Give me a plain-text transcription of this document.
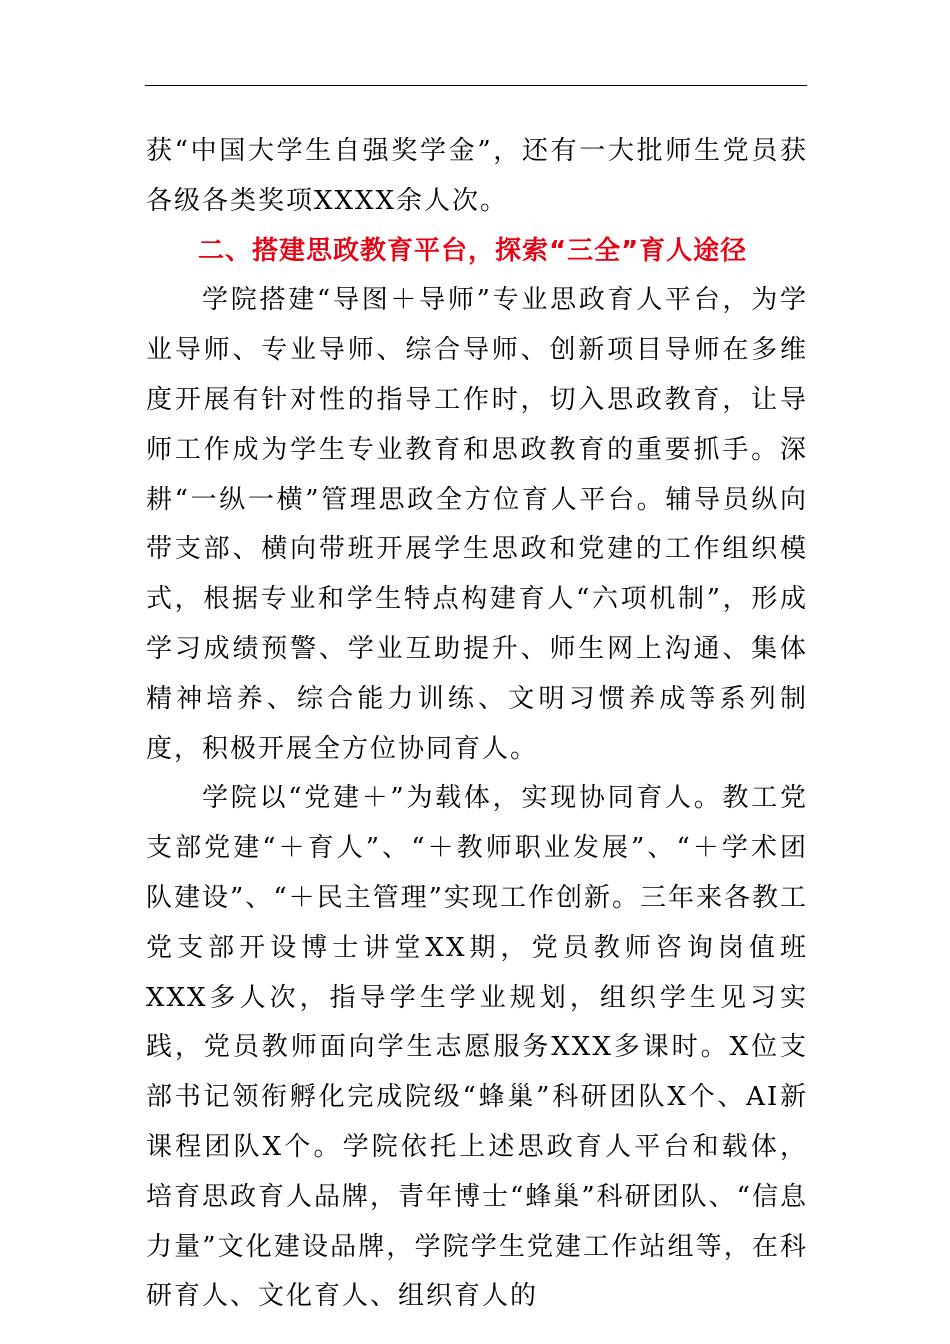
获“中国大学生自强奖学金”，还有一大批师生党员获各级各类奖项XXXX余人次。

二、搭建思政教育平台，探索“三全”育人途径

学院搭建“导图＋导师”专业思政育人平台，为学业导师、专业导师、综合导师、创新项目导师在多维度开展有针对性的指导工作时，切入思政教育，让导师工作成为学生专业教育和思政教育的重要抓手。深耕“一纵一横”管理思政全方位育人平台。辅导员纵向带支部、横向带班开展学生思政和党建的工作组织模式，根据专业和学生特点构建育人“六项机制”，形成学习成绩预警、学业互助提升、师生网上沟通、集体精神培养、综合能力训练、文明习惯养成等系列制度，积极开展全方位协同育人。

学院以“党建＋”为载体，实现协同育人。教工党支部党建“＋育人”、“＋教师职业发展”、“＋学术团队建设”、“＋民主管理”实现工作创新。三年来各教工党支部开设博士讲堂XX期，党员教师咨询岗值班XXX多人次，指导学生学业规划，组织学生见习实践，党员教师面向学生志愿服务XXX多课时。X位支部书记领衔孵化完成院级“蜂巢”科研团队X个、AI新课程团队X个。学院依托上述思政育人平台和载体，培育思政育人品牌，青年博士“蜂巢”科研团队、“信息力量”文化建设品牌，学院学生党建工作站组等，在科研育人、文化育人、组织育人的
